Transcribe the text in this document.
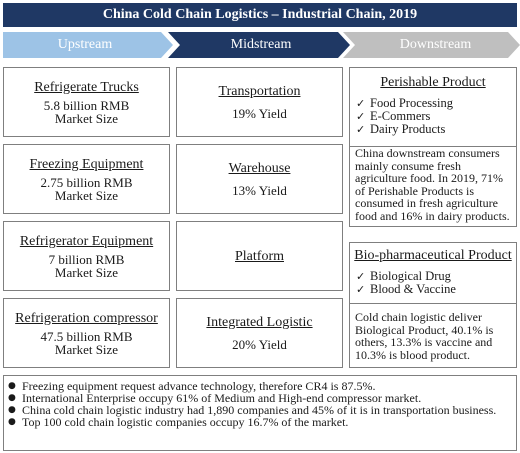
China Cold Chain Logistics – Industrial Chain, 2019
Upstream	Midstream	Downstream
Refrigerate Trucks
5.8 billion RMB
Market Size
Freezing Equipment
2.75 billion RMB
Market Size
Refrigerator Equipment
7 billion RMB
Market Size
Refrigeration compressor
47.5 billion RMB
Market Size
Transportation
19% Yield
Warehouse
13% Yield
Platform
Integrated Logistic
20% Yield
Perishable Product
✓ Food Processing
✓ E-Commers
✓ Dairy Products
China downstream consumers mainly consume fresh agriculture food. In 2019, 71% of Perishable Products is consumed in fresh agriculture food and 16% in dairy products.
Bio-pharmaceutical Product
✓ Biological Drug
✓ Blood & Vaccine
Cold chain logistic deliver Biological Product, 40.1% is others, 13.3% is vaccine and 10.3% is blood product.
● Freezing equipment request advance technology, therefore CR4 is 87.5%.
● International Enterprise occupy 61% of Medium and High-end compressor market.
● China cold chain logistic industry had 1,890 companies and 45% of it is in transportation business.
● Top 100 cold chain logistic companies occupy 16.7% of the market.
